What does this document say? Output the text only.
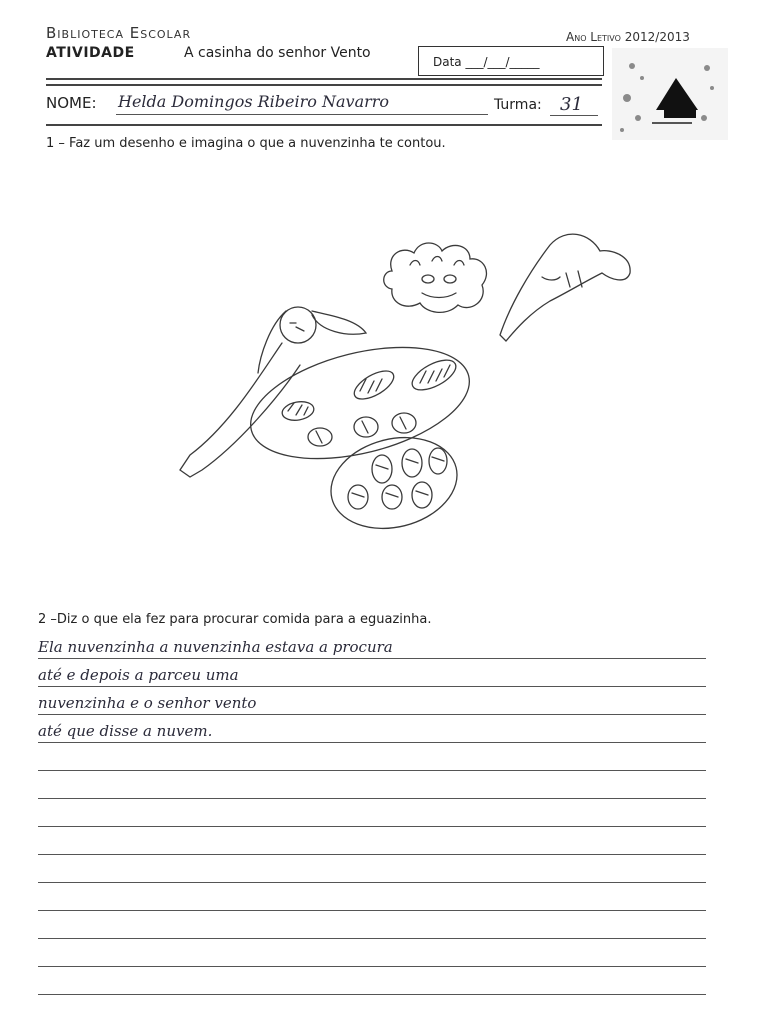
Biblioteca Escolar	Ano Letivo 2012/2013
ATIVIDADE	A casinha do senhor Vento
Data ___/___/_____
NOME: Helda Domingos Ribeiro Navarro	Turma: 31
1 – Faz um desenho e imagina o que a nuvenzinha te contou.
2 –Diz o que ela fez para procurar comida para a eguazinha.
Ela nuvenzinha a nuvenzinha estava a procura
até e depois a parceu uma
nuvenzinha e o senhor vento
até que disse a nuvem.
